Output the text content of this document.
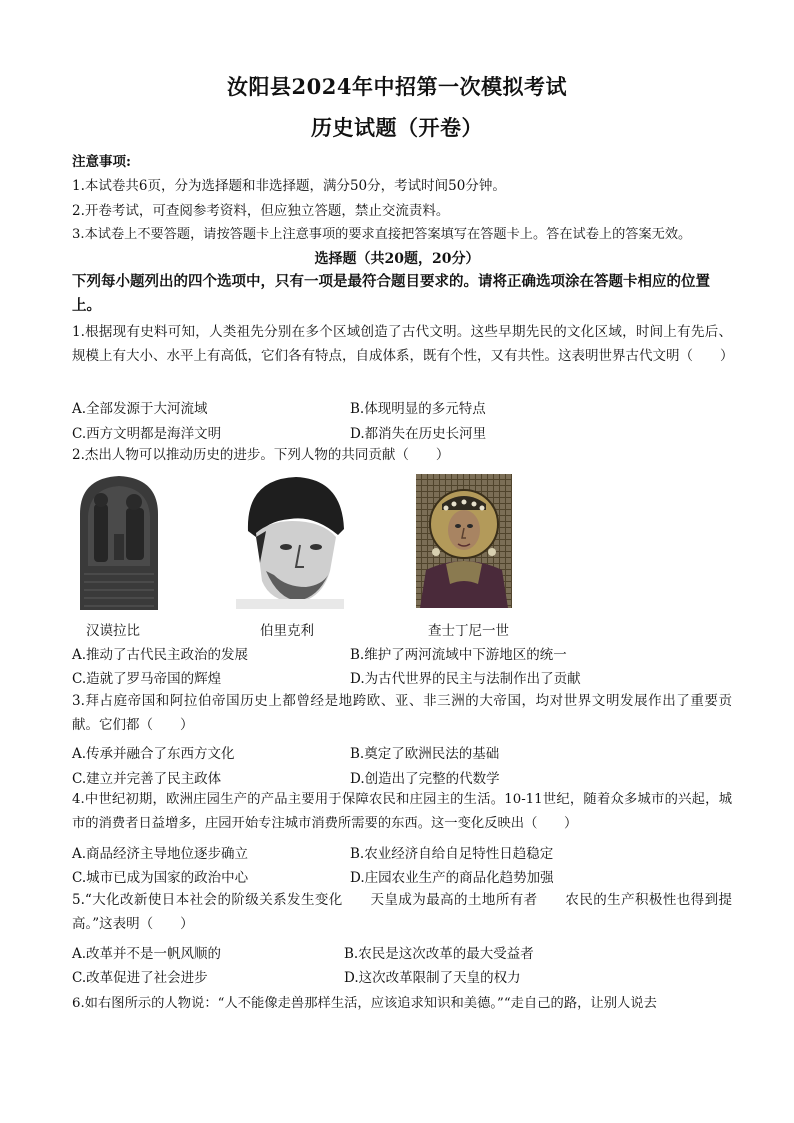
汝阳县2024年中招第一次模拟考试
历史试题（开卷）
注意事项:
1.本试卷共6页，分为选择题和非选择题，满分50分，考试时间50分钟。
2.开卷考试，可查阅参考资料，但应独立答题，禁止交流责料。
3.本试卷上不要答题，请按答题卡上注意事项的要求直接把答案填写在答题卡上。答在试卷上的答案无效。
选择题（共20题，20分）
下列每小题列出的四个选项中，只有一项是最符合题目要求的。请将正确选项涂在答题卡相应的位置上。
1.根据现有史料可知，人类祖先分别在多个区域创造了古代文明。这些早期先民的文化区域，时间上有先后、规模上有大小、水平上有高低，它们各有特点，自成体系，既有个性，又有共性。这表明世界古代文明（　　）
A.全部发源于大河流域	B.体现明显的多元特点
C.西方文明都是海洋文明	D.都消失在历史长河里
2.杰出人物可以推动历史的进步。下列人物的共同贡献（　　）
汉谟拉比	伯里克利	查士丁尼一世
A.推动了古代民主政治的发展	B.维护了两河流域中下游地区的统一
C.造就了罗马帝国的辉煌	D.为古代世界的民主与法制作出了贡献
3.拜占庭帝国和阿拉伯帝国历史上都曾经是地跨欧、亚、非三洲的大帝国，均对世界文明发展作出了重要贡献。它们都（　　）
A.传承并融合了东西方文化	B.奠定了欧洲民法的基础
C.建立并完善了民主政体	D.创造出了完整的代数学
4.中世纪初期，欧洲庄园生产的产品主要用于保障农民和庄园主的生活。10-11世纪，随着众多城市的兴起，城市的消费者日益增多，庄园开始专注城市消费所需要的东西。这一变化反映出（　　）
A.商品经济主导地位逐步确立	B.农业经济自给自足特性日趋稳定
C.城市已成为国家的政治中心	D.庄园农业生产的商品化趋势加强
5.“大化改新使日本社会的阶级关系发生变化　　天皇成为最高的土地所有者　　农民的生产积极性也得到提高。”这表明（　　）
A.改革并不是一帆风顺的	B.农民是这次改革的最大受益者
C.改革促进了社会进步	D.这次改革限制了天皇的权力
6.如右图所示的人物说：“人不能像走兽那样生活，应该追求知识和美德。”“走自己的路，让别人说去
